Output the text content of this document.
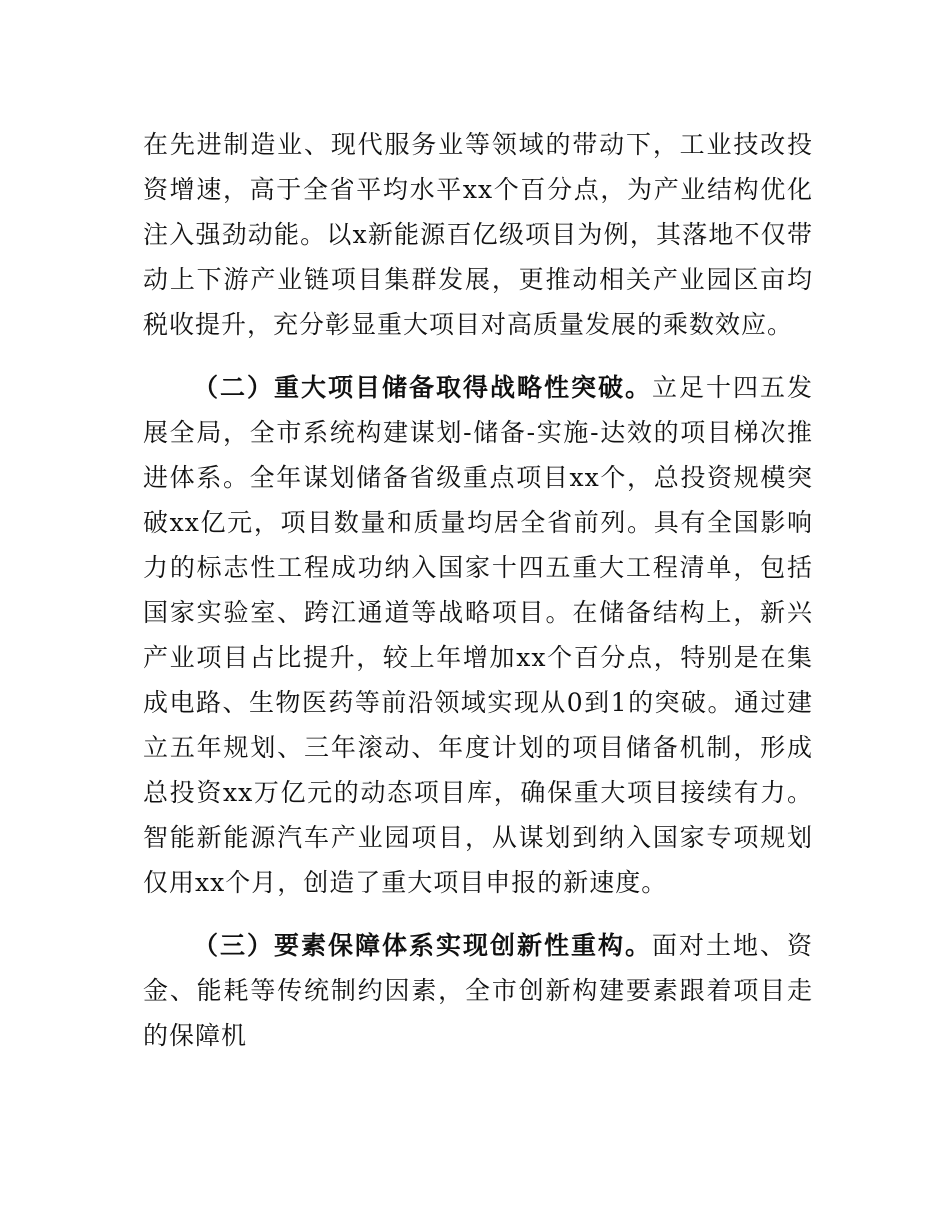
在先进制造业、现代服务业等领域的带动下，工业技改投资增速，高于全省平均水平xx个百分点，为产业结构优化注入强劲动能。以x新能源百亿级项目为例，其落地不仅带动上下游产业链项目集群发展，更推动相关产业园区亩均税收提升，充分彰显重大项目对高质量发展的乘数效应。

（二）重大项目储备取得战略性突破。立足十四五发展全局，全市系统构建谋划-储备-实施-达效的项目梯次推进体系。全年谋划储备省级重点项目xx个，总投资规模突破xx亿元，项目数量和质量均居全省前列。具有全国影响力的标志性工程成功纳入国家十四五重大工程清单，包括国家实验室、跨江通道等战略项目。在储备结构上，新兴产业项目占比提升，较上年增加xx个百分点，特别是在集成电路、生物医药等前沿领域实现从0到1的突破。通过建立五年规划、三年滚动、年度计划的项目储备机制，形成总投资xx万亿元的动态项目库，确保重大项目接续有力。智能新能源汽车产业园项目，从谋划到纳入国家专项规划仅用xx个月，创造了重大项目申报的新速度。

（三）要素保障体系实现创新性重构。面对土地、资金、能耗等传统制约因素，全市创新构建要素跟着项目走的保障机
